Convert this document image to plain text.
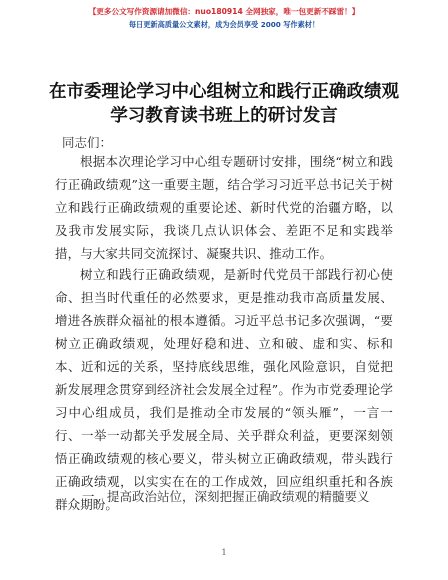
【更多公文写作资源请加微信：nuo180914 全网独家，唯一包更新不踩雷！】
每日更新高质量公文素材，成为会员享受 2000 写作素材！
在市委理论学习中心组树立和践行正确政绩观
学习教育读书班上的研讨发言
同志们：
根据本次理论学习中心组专题研讨安排，围绕“树立和践行正确政绩观”这一重要主题，结合学习习近平总书记关于树立和践行正确政绩观的重要论述、新时代党的治疆方略，以及我市发展实际，我谈几点认识体会、差距不足和实践举措，与大家共同交流探讨、凝聚共识、推动工作。
树立和践行正确政绩观，是新时代党员干部践行初心使命、担当时代重任的必然要求，更是推动我市高质量发展、增进各族群众福祉的根本遵循。习近平总书记多次强调，“要树立正确政绩观，处理好稳和进、立和破、虚和实、标和本、近和远的关系，坚持底线思维，强化风险意识，自觉把新发展理念贯穿到经济社会发展全过程”。作为市党委理论学习中心组成员，我们是推动全市发展的“领头雁”，一言一行、一举一动都关乎发展全局、关乎群众利益，更要深刻领悟正确政绩观的核心要义，带头树立正确政绩观，带头践行正确政绩观，以实实在在的工作成效，回应组织重托和各族群众期盼。
一、提高政治站位，深刻把握正确政绩观的精髓要义
1
